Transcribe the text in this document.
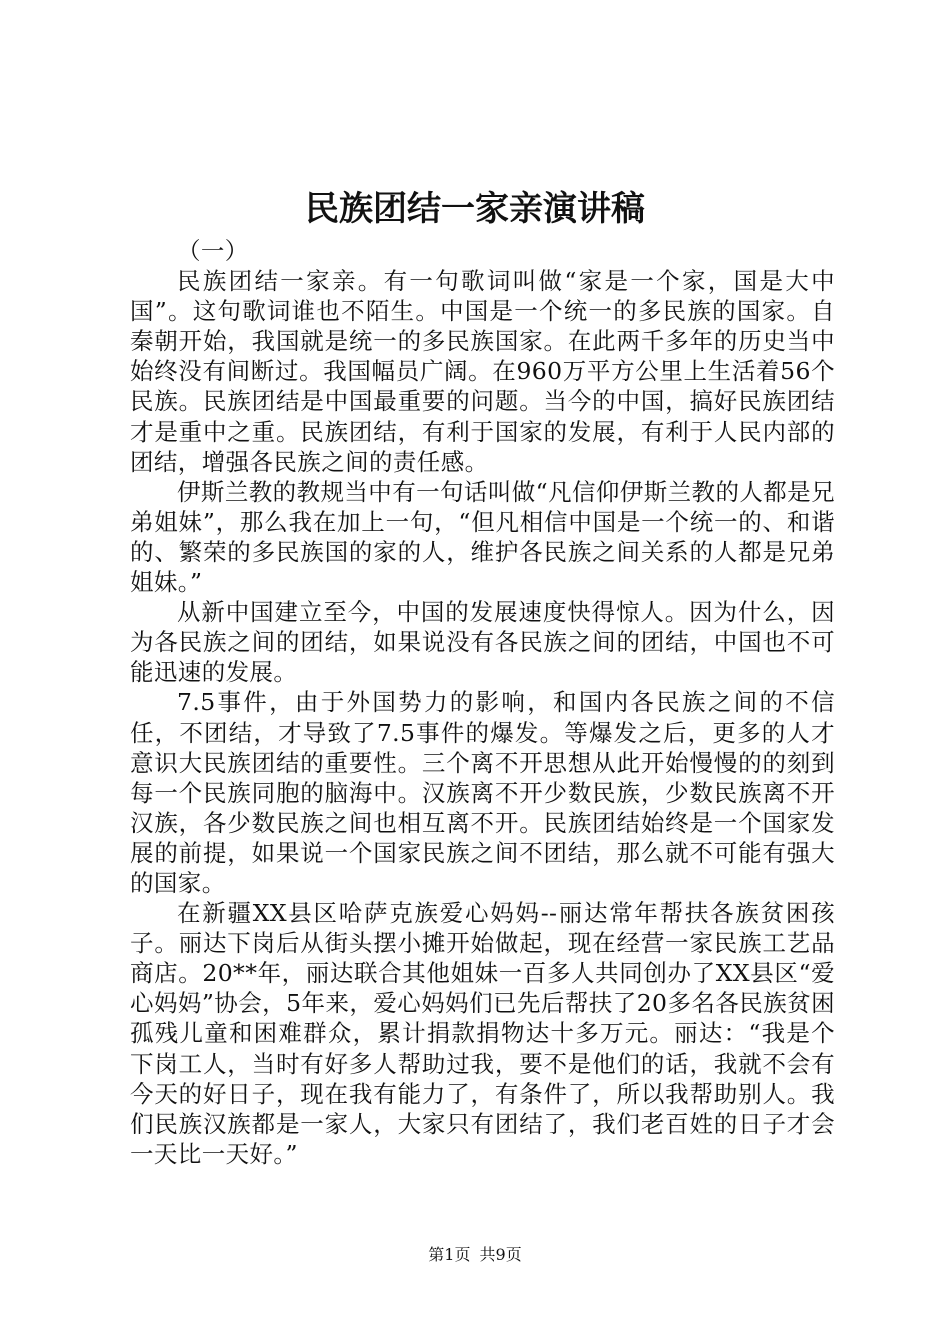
民族团结一家亲演讲稿
（一）

民族团结一家亲。有一句歌词叫做“家是一个家，国是大中国”。这句歌词谁也不陌生。中国是一个统一的多民族的国家。自秦朝开始，我国就是统一的多民族国家。在此两千多年的历史当中始终没有间断过。我国幅员广阔。在960万平方公里上生活着56个民族。民族团结是中国最重要的问题。当今的中国，搞好民族团结才是重中之重。民族团结，有利于国家的发展，有利于人民内部的团结，增强各民族之间的责任感。

伊斯兰教的教规当中有一句话叫做“凡信仰伊斯兰教的人都是兄弟姐妹”，那么我在加上一句，“但凡相信中国是一个统一的、和谐的、繁荣的多民族国的家的人，维护各民族之间关系的人都是兄弟姐妹。”

从新中国建立至今，中国的发展速度快得惊人。因为什么，因为各民族之间的团结，如果说没有各民族之间的团结，中国也不可能迅速的发展。

7.5事件，由于外国势力的影响，和国内各民族之间的不信任，不团结，才导致了7.5事件的爆发。等爆发之后，更多的人才意识大民族团结的重要性。三个离不开思想从此开始慢慢的的刻到每一个民族同胞的脑海中。汉族离不开少数民族，少数民族离不开汉族，各少数民族之间也相互离不开。民族团结始终是一个国家发展的前提，如果说一个国家民族之间不团结，那么就不可能有强大的国家。

在新疆XX县区哈萨克族爱心妈妈--丽达常年帮扶各族贫困孩子。丽达下岗后从街头摆小摊开始做起，现在经营一家民族工艺品商店。20**年，丽达联合其他姐妹一百多人共同创办了XX县区“爱心妈妈”协会，5年来，爱心妈妈们已先后帮扶了20多名各民族贫困孤残儿童和困难群众，累计捐款捐物达十多万元。丽达：“我是个下岗工人，当时有好多人帮助过我，要不是他们的话，我就不会有今天的好日子，现在我有能力了，有条件了，所以我帮助别人。我们民族汉族都是一家人，大家只有团结了，我们老百姓的日子才会一天比一天好。”

第1页 共9页
